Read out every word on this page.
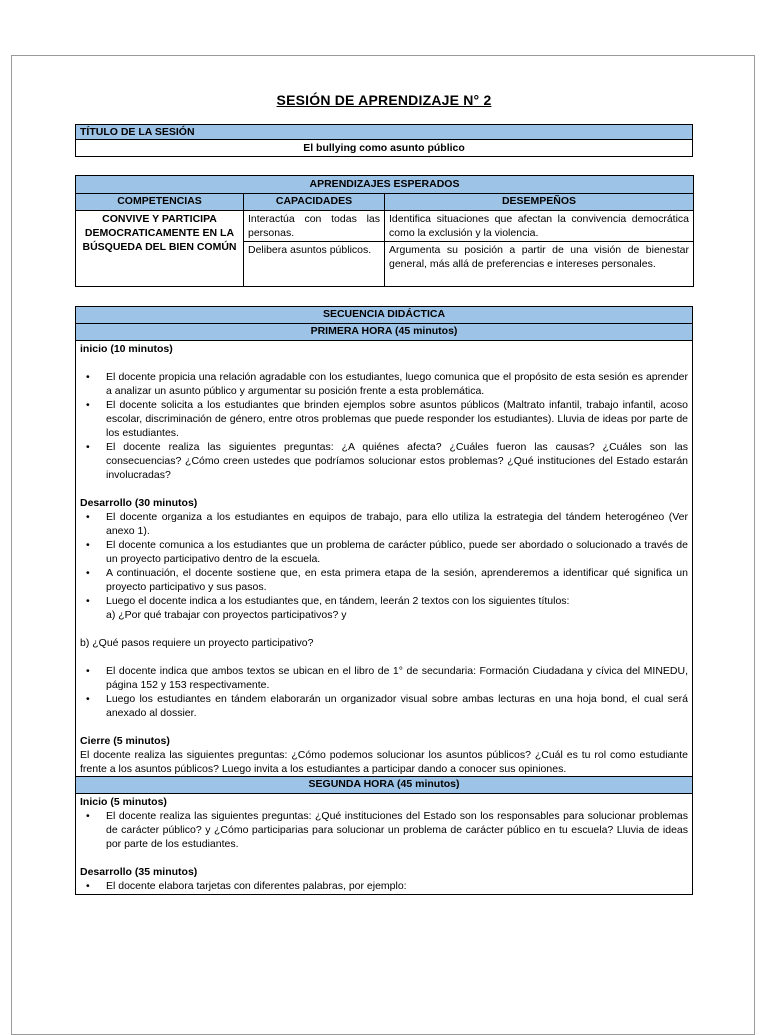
SESIÓN DE APRENDIZAJE N° 2
TÍTULO DE LA SESIÓN
El bullying como asunto público
APRENDIZAJES ESPERADOS		
COMPETENCIAS	CAPACIDADES	DESEMPEÑOS
CONVIVE Y PARTICIPA DEMOCRATICAMENTE EN LA BÚSQUEDA DEL BIEN COMÚN	Interactúa con todas las personas.	Identifica situaciones que afectan la convivencia democrática como la exclusión y la violencia.
	Delibera asuntos públicos.	Argumenta su posición a partir de una visión de bienestar general, más allá de preferencias e intereses personales.
SECUENCIA DIDÁCTICA
PRIMERA HORA (45 minutos)

inicio (10 minutos)
• El docente propicia una relación agradable con los estudiantes, luego comunica que el propósito de esta sesión es aprender a analizar un asunto público y argumentar su posición frente a esta problemática.
• El docente solicita a los estudiantes que brinden ejemplos sobre asuntos públicos (Maltrato infantil, trabajo infantil, acoso escolar, discriminación de género, entre otros problemas que puede responder los estudiantes). Lluvia de ideas por parte de los estudiantes.
• El docente realiza las siguientes preguntas: ¿A quiénes afecta? ¿Cuáles fueron las causas? ¿Cuáles son las consecuencias? ¿Cómo creen ustedes que podríamos solucionar estos problemas? ¿Qué instituciones del Estado estarán involucradas?
Desarrollo (30 minutos)
• El docente organiza a los estudiantes en equipos de trabajo, para ello utiliza la estrategia del tándem heterogéneo (Ver anexo 1).
• El docente comunica a los estudiantes que un problema de carácter público, puede ser abordado o solucionado a través de un proyecto participativo dentro de la escuela.
• A continuación, el docente sostiene que, en esta primera etapa de la sesión, aprenderemos a identificar qué significa un proyecto participativo y sus pasos.
• Luego el docente indica a los estudiantes que, en tándem, leerán 2 textos con los siguientes títulos:
a) ¿Por qué trabajar con proyectos participativos? y
b) ¿Qué pasos requiere un proyecto participativo?
• El docente indica que ambos textos se ubican en el libro de 1° de secundaria: Formación Ciudadana y cívica del MINEDU, página 152 y 153 respectivamente.
• Luego los estudiantes en tándem elaborarán un organizador visual sobre ambas lecturas en una hoja bond, el cual será anexado al dossier.
Cierre (5 minutos)
El docente realiza las siguientes preguntas: ¿Cómo podemos solucionar los asuntos públicos? ¿Cuál es tu rol como estudiante frente a los asuntos públicos? Luego invita a los estudiantes a participar dando a conocer sus opiniones.

SEGUNDA HORA (45 minutos)

Inicio (5 minutos)
• El docente realiza las siguientes preguntas: ¿Qué instituciones del Estado son los responsables para solucionar problemas de carácter público? y ¿Cómo participarias para solucionar un problema de carácter público en tu escuela? Lluvia de ideas por parte de los estudiantes.
Desarrollo (35 minutos)
• El docente elabora tarjetas con diferentes palabras, por ejemplo:
